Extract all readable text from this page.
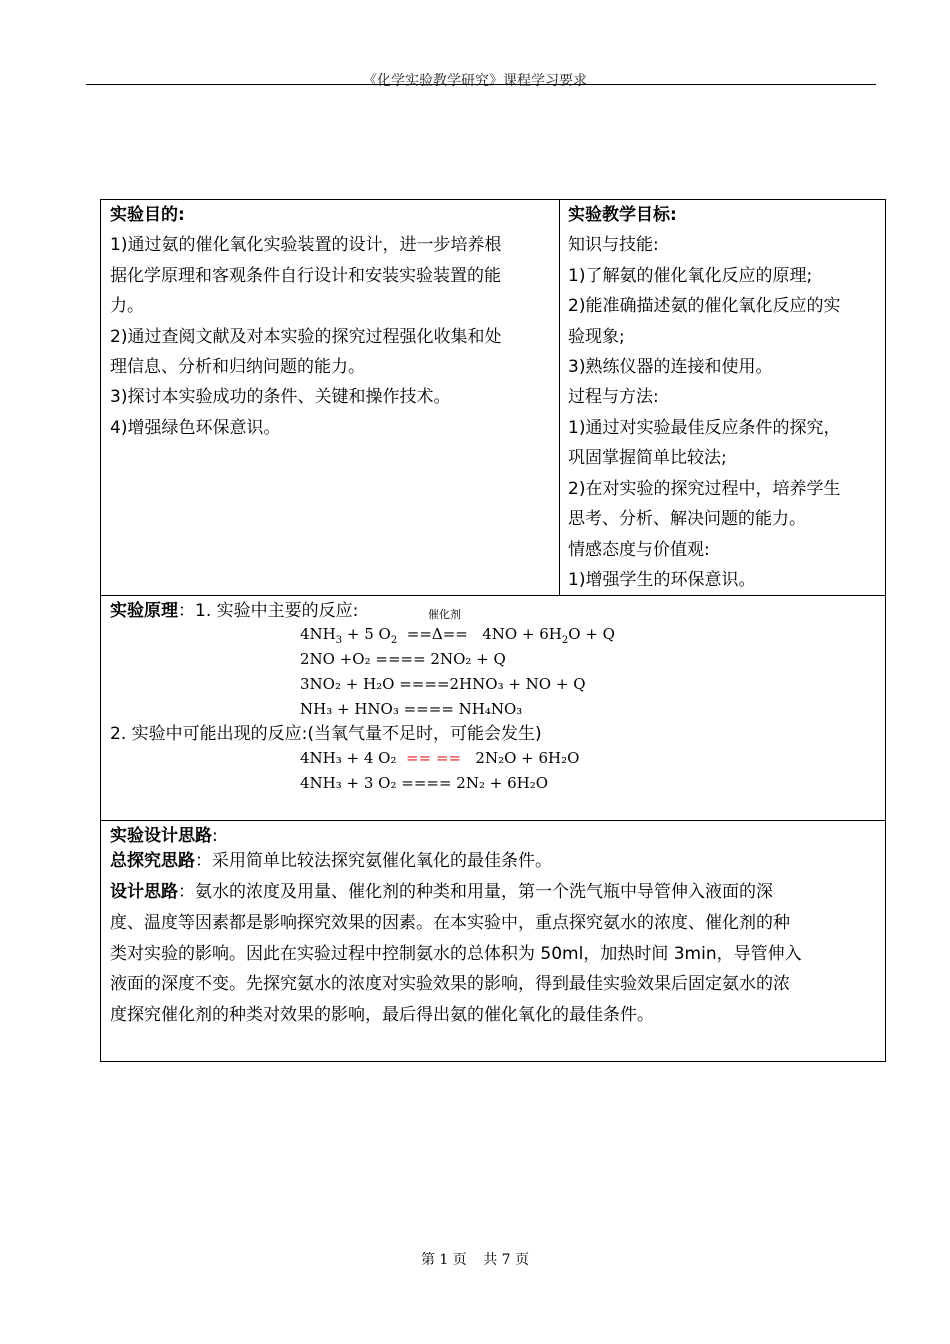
《化学实验教学研究》课程学习要求
实验目的:
1)通过氨的催化氧化实验装置的设计，进一步培养根
据化学原理和客观条件自行设计和安装实验装置的能
力。
2)通过查阅文献及对本实验的探究过程强化收集和处
理信息、分析和归纳问题的能力。
3)探讨本实验成功的条件、关键和操作技术。
4)增强绿色环保意识。
实验教学目标:
知识与技能:
1)了解氨的催化氧化反应的原理;
2)能准确描述氨的催化氧化反应的实
验现象;
3)熟练仪器的连接和使用。
过程与方法:
1)通过对实验最佳反应条件的探究，
巩固掌握简单比较法;
2)在对实验的探究过程中，培养学生
思考、分析、解决问题的能力。
情感态度与价值观:
1)增强学生的环保意识。
实验原理：1. 实验中主要的反应:	催化剂
$4NH_3 + 5$ $O_2 ==\Delta== 4NO + 6H_2O + Q$
2NO +O₂ ==== 2NO₂ + Q
3NO₂ + H₂O ====2HNO₃ + NO + Q
NH₃ + HNO₃ ==== NH₄NO₃
2. 实验中可能出现的反应:(当氧气量不足时，可能会发生)
4NH₃ + 4 O₂ == == 2N₂O + 6H₂O
4NH₃ + 3 O₂ ==== 2N₂ + 6H₂O
实验设计思路:
总探究思路：采用简单比较法探究氨催化氧化的最佳条件。
设计思路：氨水的浓度及用量、催化剂的种类和用量，第一个洗气瓶中导管伸入液面的深
度、温度等因素都是影响探究效果的因素。在本实验中，重点探究氨水的浓度、催化剂的种
类对实验的影响。因此在实验过程中控制氨水的总体积为 50ml，加热时间 3min，导管伸入
液面的深度不变。先探究氨水的浓度对实验效果的影响，得到最佳实验效果后固定氨水的浓
度探究催化剂的种类对效果的影响，最后得出氨的催化氧化的最佳条件。
第 1 页 共 7 页
